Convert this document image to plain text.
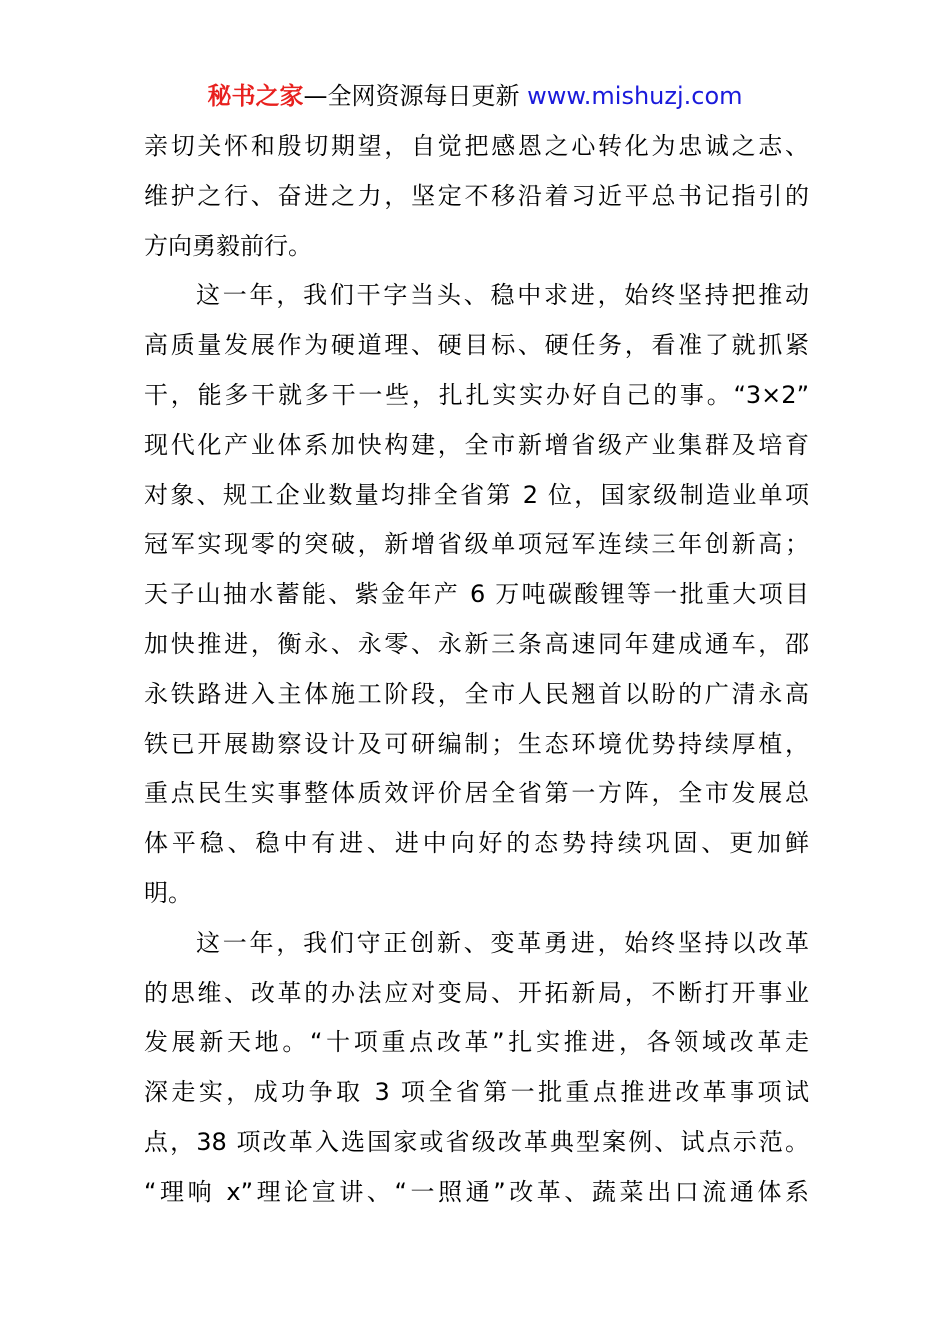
秘书之家—全网资源每日更新 www.mishuzj.com
亲切关怀和殷切期望，自觉把感恩之心转化为忠诚之志、
维护之行、奋进之力，坚定不移沿着习近平总书记指引的
方向勇毅前行。
这一年，我们干字当头、稳中求进，始终坚持把推动
高质量发展作为硬道理、硬目标、硬任务，看准了就抓紧
干，能多干就多干一些，扎扎实实办好自己的事。“3×2”
现代化产业体系加快构建，全市新增省级产业集群及培育
对象、规工企业数量均排全省第 2 位，国家级制造业单项
冠军实现零的突破，新增省级单项冠军连续三年创新高；
天子山抽水蓄能、紫金年产 6 万吨碳酸锂等一批重大项目
加快推进，衡永、永零、永新三条高速同年建成通车，邵
永铁路进入主体施工阶段，全市人民翘首以盼的广清永高
铁已开展勘察设计及可研编制；生态环境优势持续厚植，
重点民生实事整体质效评价居全省第一方阵，全市发展总
体平稳、稳中有进、进中向好的态势持续巩固、更加鲜
明。
这一年，我们守正创新、变革勇进，始终坚持以改革
的思维、改革的办法应对变局、开拓新局，不断打开事业
发展新天地。“十项重点改革”扎实推进，各领域改革走
深走实，成功争取 3 项全省第一批重点推进改革事项试
点，38 项改革入选国家或省级改革典型案例、试点示范。
“理响 x”理论宣讲、“一照通”改革、蔬菜出口流通体系
